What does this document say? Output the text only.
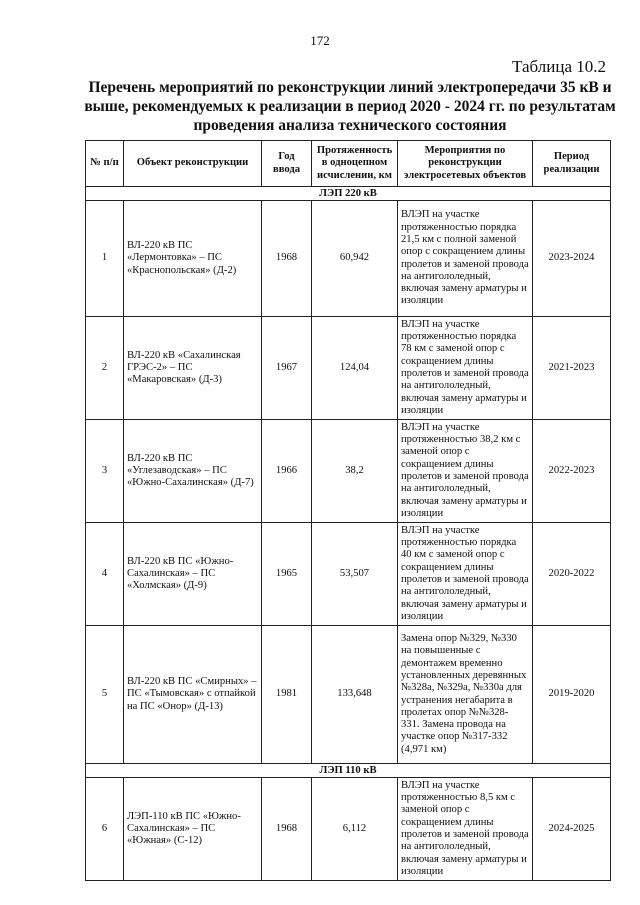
172
Таблица 10.2
Перечень мероприятий по реконструкции линий электропередачи 35 кВ и выше, рекомендуемых к реализации в период 2020 - 2024 гг. по результатам проведения анализа технического состояния
№ п/п	Объект реконструкции	Год ввода	Протяженность в одноцепном исчислении, км	Мероприятия по реконструкции электросетевых объектов	Период реализации
ЛЭП 220 кВ					
1	ВЛ-220 кВ ПС «Лермонтовка» – ПС «Краснопольская» (Д-2)	1968	60,942	ВЛЭП на участке протяженностью порядка 21,5 км с полной заменой опор с сокращением длины пролетов и заменой провода на антигололедный, включая замену арматуры и изоляции	2023-2024
2	ВЛ-220 кВ «Сахалинская ГРЭС-2» – ПС «Макаровская» (Д-3)	1967	124,04	ВЛЭП на участке протяженностью порядка 78 км с заменой опор с сокращением длины пролетов и заменой провода на антигололедный, включая замену арматуры и изоляции	2021-2023
3	ВЛ-220 кВ ПС «Углезаводская» – ПС «Южно-Сахалинская» (Д-7)	1966	38,2	ВЛЭП на участке протяженностью 38,2 км с заменой опор с сокращением длины пролетов и заменой провода на антигололедный, включая замену арматуры и изоляции	2022-2023
4	ВЛ-220 кВ ПС «Южно-Сахалинская» – ПС «Холмская» (Д-9)	1965	53,507	ВЛЭП на участке протяженностью порядка 40 км с заменой опор с сокращением длины пролетов и заменой провода на антигололедный, включая замену арматуры и изоляции	2020-2022
5	ВЛ-220 кВ ПС «Смирных» – ПС «Тымовская» с отпайкой на ПС «Онор» (Д-13)	1981	133,648	Замена опор №329, №330 на повышенные с демонтажем временно установленных деревянных №328а, №329а, №330а для устранения негабарита в пролетах опор №№328- 331. Замена провода на участке опор №317-332 (4,971 км)	2019-2020
ЛЭП 110 кВ					
6	ЛЭП-110 кВ ПС «Южно-Сахалинская» – ПС «Южная» (С-12)	1968	6,112	ВЛЭП на участке протяженностью 8,5 км с заменой опор с сокращением длины пролетов и заменой провода на антигололедный, включая замену арматуры и изоляции	2024-2025
